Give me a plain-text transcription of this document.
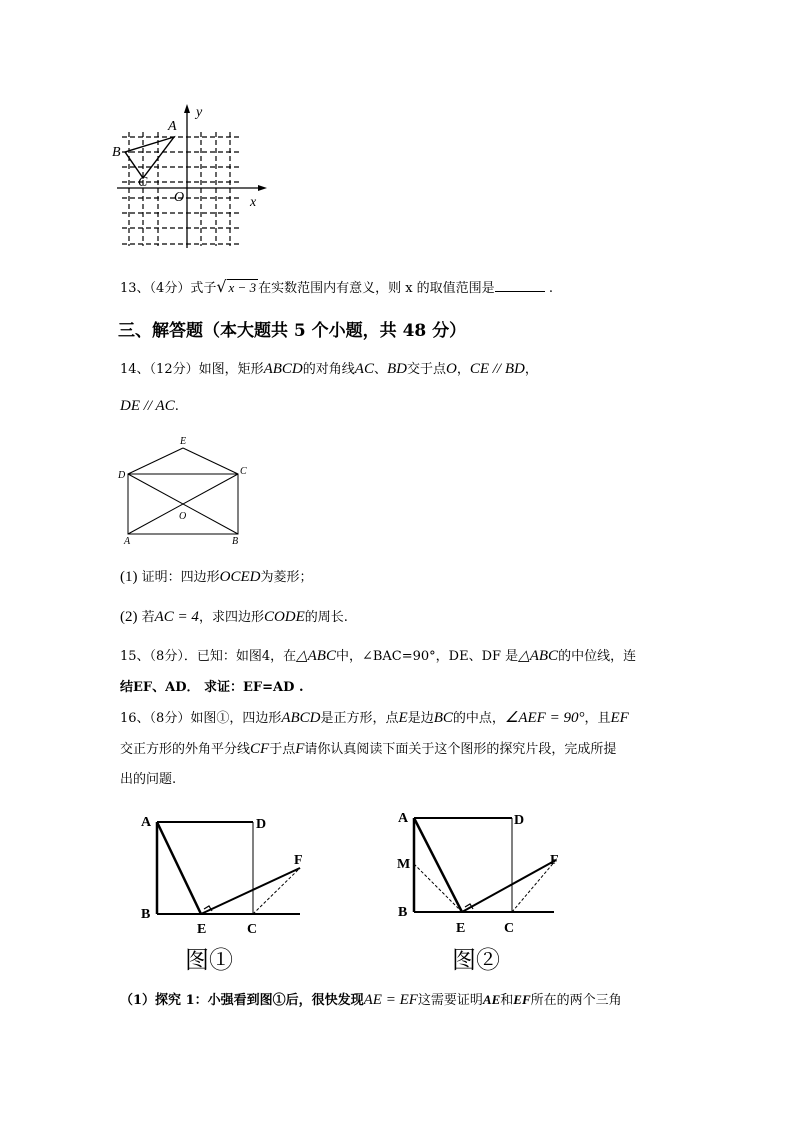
y
x
A
B
C
O
13、（4分）式子√ x − 3 在实数范围内有意义，则 x 的取值范围是	.
三、解答题（本大题共 5 个小题，共 48 分）
14、（12分）如图，矩形ABCD的对角线AC、BD交于点O，CE // BD，
DE // AC.
E
D	C
O
A	B
(1) 证明：四边形OCED为菱形；
(2) 若AC = 4，求四边形CODE的周长.
15、（8分）．已知：如图4，在△ABC中，∠BAC=90°，DE、DF 是△ABC的中位线，连
结EF、AD． 求证：EF=AD .
16、（8分）如图①，四边形ABCD是正方形，点E是边BC的中点，∠AEF = 90°，且EF
交正方形的外角平分线CF于点F请你认真阅读下面关于这个图形的探究片段，完成所提
出的问题.
A	D
F
B
E	C
图①
A	D
M	F
B
E	C
图②
（1）探究 1：小强看到图①后，很快发现AE = EF这需要证明AE和EF所在的两个三角
